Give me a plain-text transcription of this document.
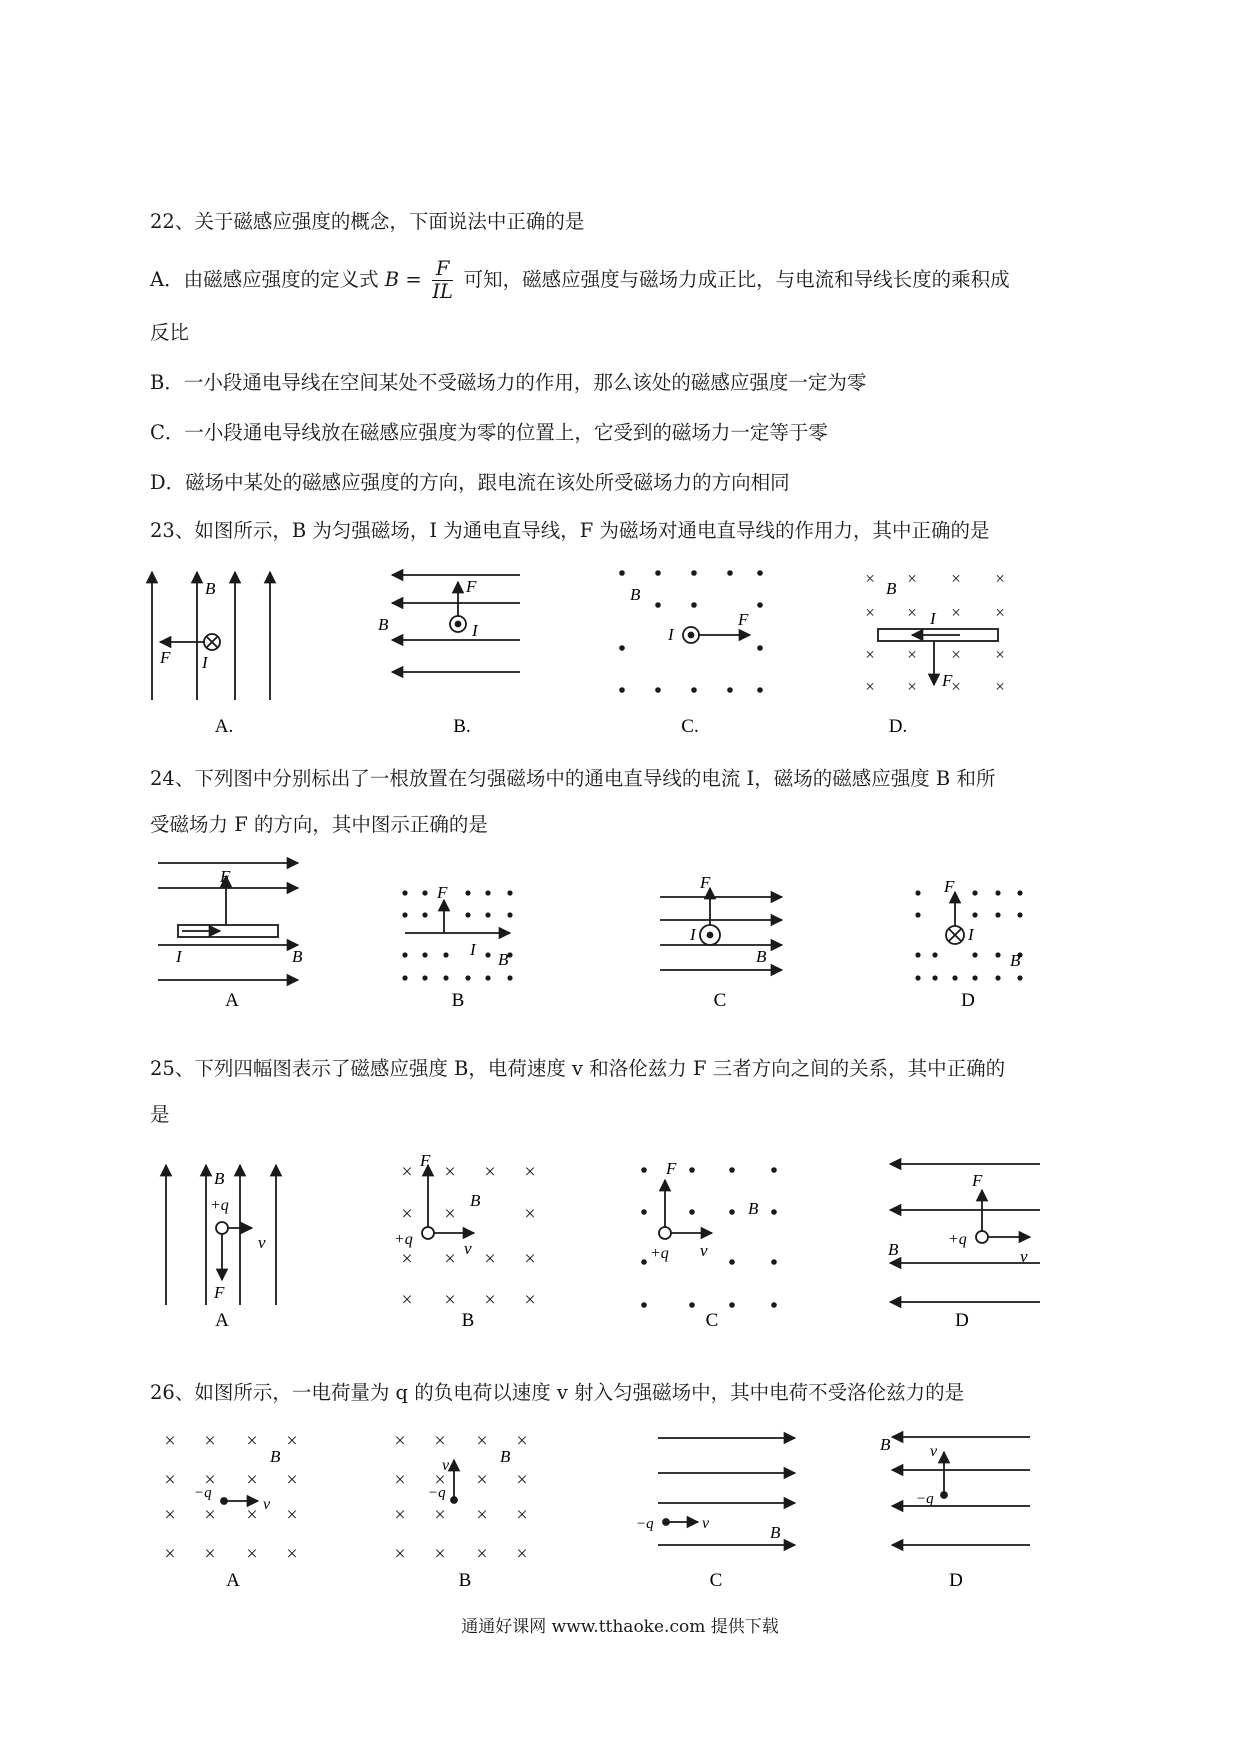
22、关于磁感应强度的概念，下面说法中正确的是
A．由磁感应强度的定义式 $B = \frac{F}{IL}$ 可知，磁感应强度与磁场力成正比，与电流和导线长度的乘积成
反比
B．一小段通电导线在空间某处不受磁场力的作用，那么该处的磁感应强度一定为零
C．一小段通电导线放在磁感应强度为零的位置上，它受到的磁场力一定等于零
D．磁场中某处的磁感应强度的方向，跟电流在该处所受磁场力的方向相同
23、如图所示，B 为匀强磁场，I 为通电直导线，F 为磁场对通电直导线的作用力，其中正确的是
B
F I
A.
F
B	I
B.
B
I
F
C.
× × × ×
× × × ×
× × × ×
× × × ×
B
I
F
D.
F
I	B
A
F
I
B
B
F
I
B
C
F
I
B
D
B
+q
v
F
A
× × × ×
× ×	×
× × × ×
× × × ×
F
B
+q	v
B
F
B
+q v
C
F
B
+q
v
D
× × × ×
× × × ×
× × × ×
× × × ×
B
−q
v
A
× × × ×
× × × ×
× × × ×
× × × ×
B
v
−q
B
−q	v	B
C
B v
−q
D
24、下列图中分别标出了一根放置在匀强磁场中的通电直导线的电流 I，磁场的磁感应强度 B 和所
受磁场力 F 的方向，其中图示正确的是
25、下列四幅图表示了磁感应强度 B，电荷速度 v 和洛伦兹力 F 三者方向之间的关系，其中正确的
是
26、如图所示，一电荷量为 q 的负电荷以速度 v 射入匀强磁场中，其中电荷不受洛伦兹力的是
通通好课网 www.tthaoke.com 提供下载
